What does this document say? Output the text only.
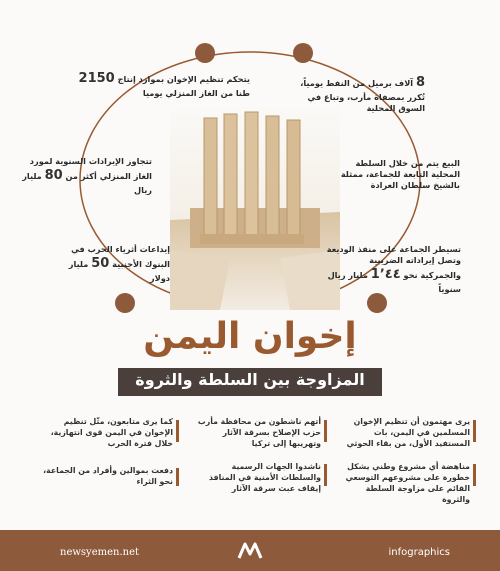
يتحكم تنظيم الإخوان بموارد إنتاج 2150
طنا من الغاز المنزلي يوميا
تتجاوز الإيرادات السنوية لمورد الغاز المنزلي أكثر من 80 مليار ريال
إيداعات أثرياء الحرب في البنوك الأجنبية 50 مليار دولار
8 آلاف برميل من النفط يومياً، تُكرر بمصفاة مأرب، وتباع في السوق المحلية
البيع يتم من خلال السلطة المحلية التابعة للجماعة، ممثلة بالشيخ سلطان العرادة
تسيطر الجماعة على منفذ الوديعة وتصل إيراداته الضريبية والجمركية نحو 1٬٤٤ مليار ريال سنوياً
إخوان اليمن
المزاوجة بين السلطة والثروة
يرى مهتمون أن تنظيم الإخوان المسلمين في اليمن، بات المستفيد الأول، من بقاء الحوثي
مناهضة أي مشروع وطني يشكل خطورة على مشروعهم التوسعي القائم على مزاوجة السلطة والثروة
أتهم ناشطون من محافظة مأرب حزب الإصلاح بسرقة الآثار وتهريبها إلى تركيا
ناشدوا الجهات الرسمية والسلطات الأمنية في المنافذ إيقاف عبث سرقة الآثار
كما يرى متابعون، مثّل تنظيم الإخوان في اليمن قوى انتهازية، خلال فترة الحرب
دفعت بموالين وأفراد من الجماعة، نحو الثراء
newsyemen.net	infographics
